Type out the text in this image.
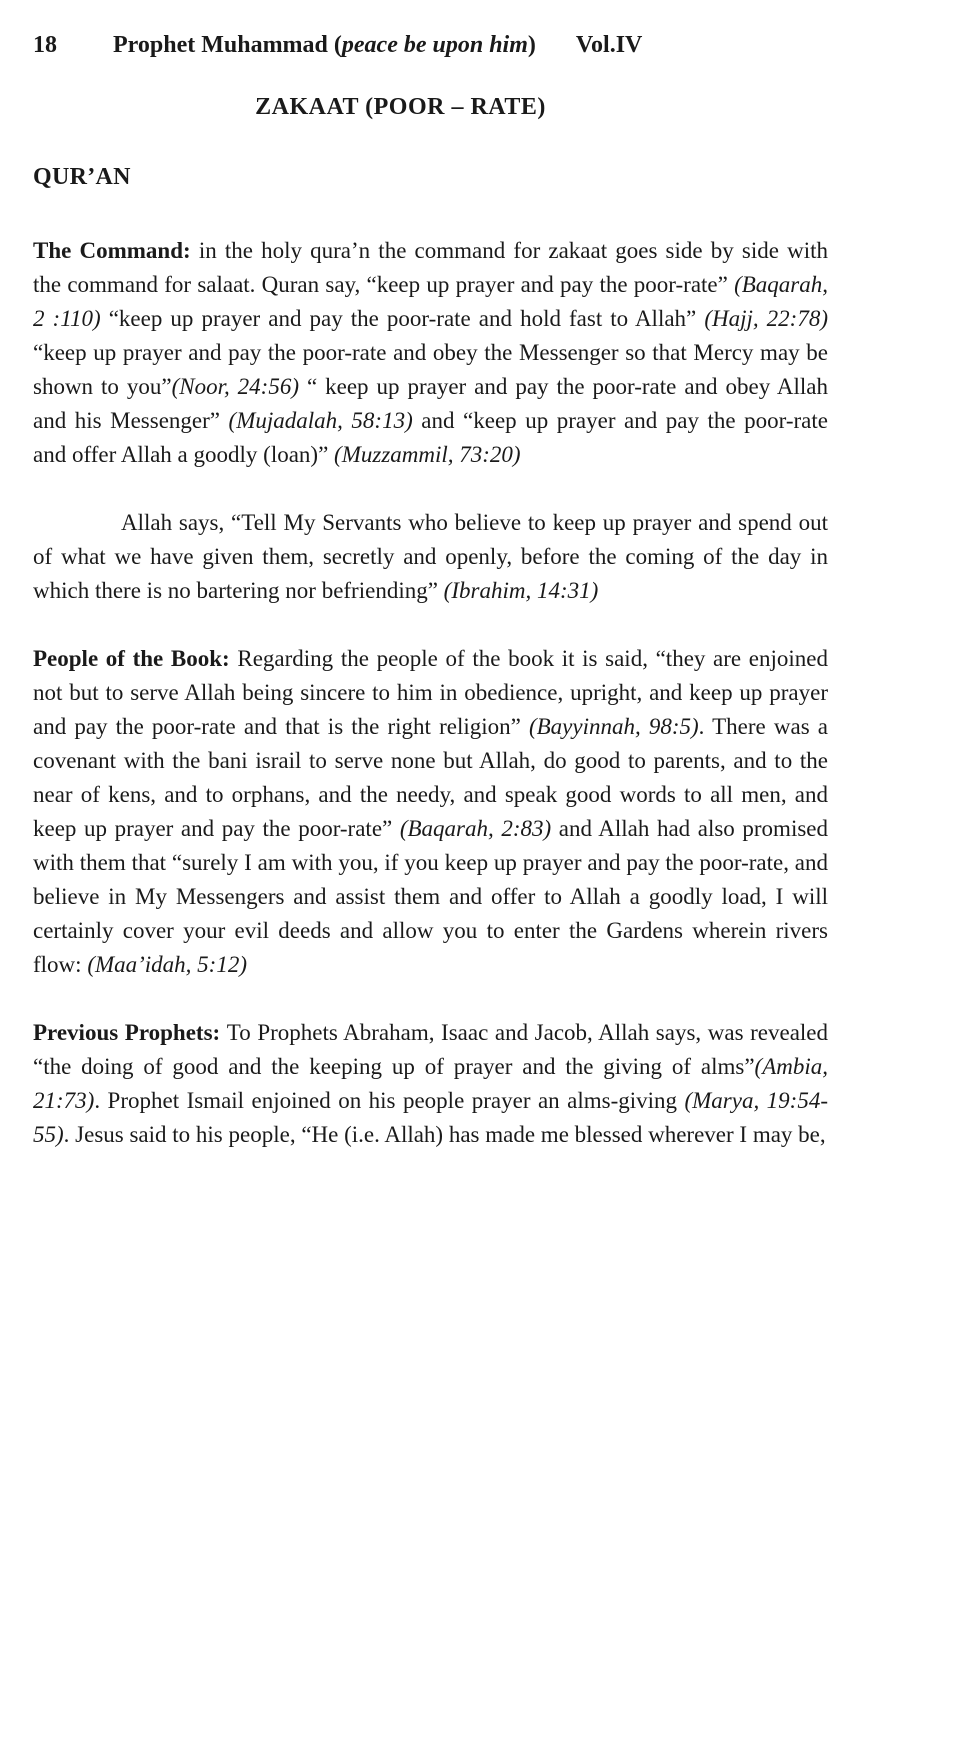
18 Prophet Muhammad (peace be upon him) Vol.IV
ZAKAAT (POOR – RATE)
QUR’AN

The Command: in the holy qura’n the command for zakaat goes side by side with the command for salaat. Quran say, “keep up prayer and pay the poor-rate” (Baqarah, 2 :110) “keep up prayer and pay the poor-rate and hold fast to Allah” (Hajj, 22:78) “keep up prayer and pay the poor-rate and obey the Messenger so that Mercy may be shown to you”(Noor, 24:56) “ keep up prayer and pay the poor-rate and obey Allah and his Messenger” (Mujadalah, 58:13) and “keep up prayer and pay the poor-rate and offer Allah a goodly (loan)” (Muzzammil, 73:20)

Allah says, “Tell My Servants who believe to keep up prayer and spend out of what we have given them, secretly and openly, before the coming of the day in which there is no bartering nor befriending” (Ibrahim, 14:31)

People of the Book: Regarding the people of the book it is said, “they are enjoined not but to serve Allah being sincere to him in obedience, upright, and keep up prayer and pay the poor-rate and that is the right religion” (Bayyinnah, 98:5). There was a covenant with the bani israil to serve none but Allah, do good to parents, and to the near of kens, and to orphans, and the needy, and speak good words to all men, and keep up prayer and pay the poor-rate” (Baqarah, 2:83) and Allah had also promised with them that “surely I am with you, if you keep up prayer and pay the poor-rate, and believe in My Messengers and assist them and offer to Allah a goodly load, I will certainly cover your evil deeds and allow you to enter the Gardens wherein rivers flow: (Maa’idah, 5:12)

Previous Prophets: To Prophets Abraham, Isaac and Jacob, Allah says, was revealed “the doing of good and the keeping up of prayer and the giving of alms”(Ambia, 21:73). Prophet Ismail enjoined on his people prayer an alms-giving (Marya, 19:54-55). Jesus said to his people, “He (i.e. Allah) has made me blessed wherever I may be,
